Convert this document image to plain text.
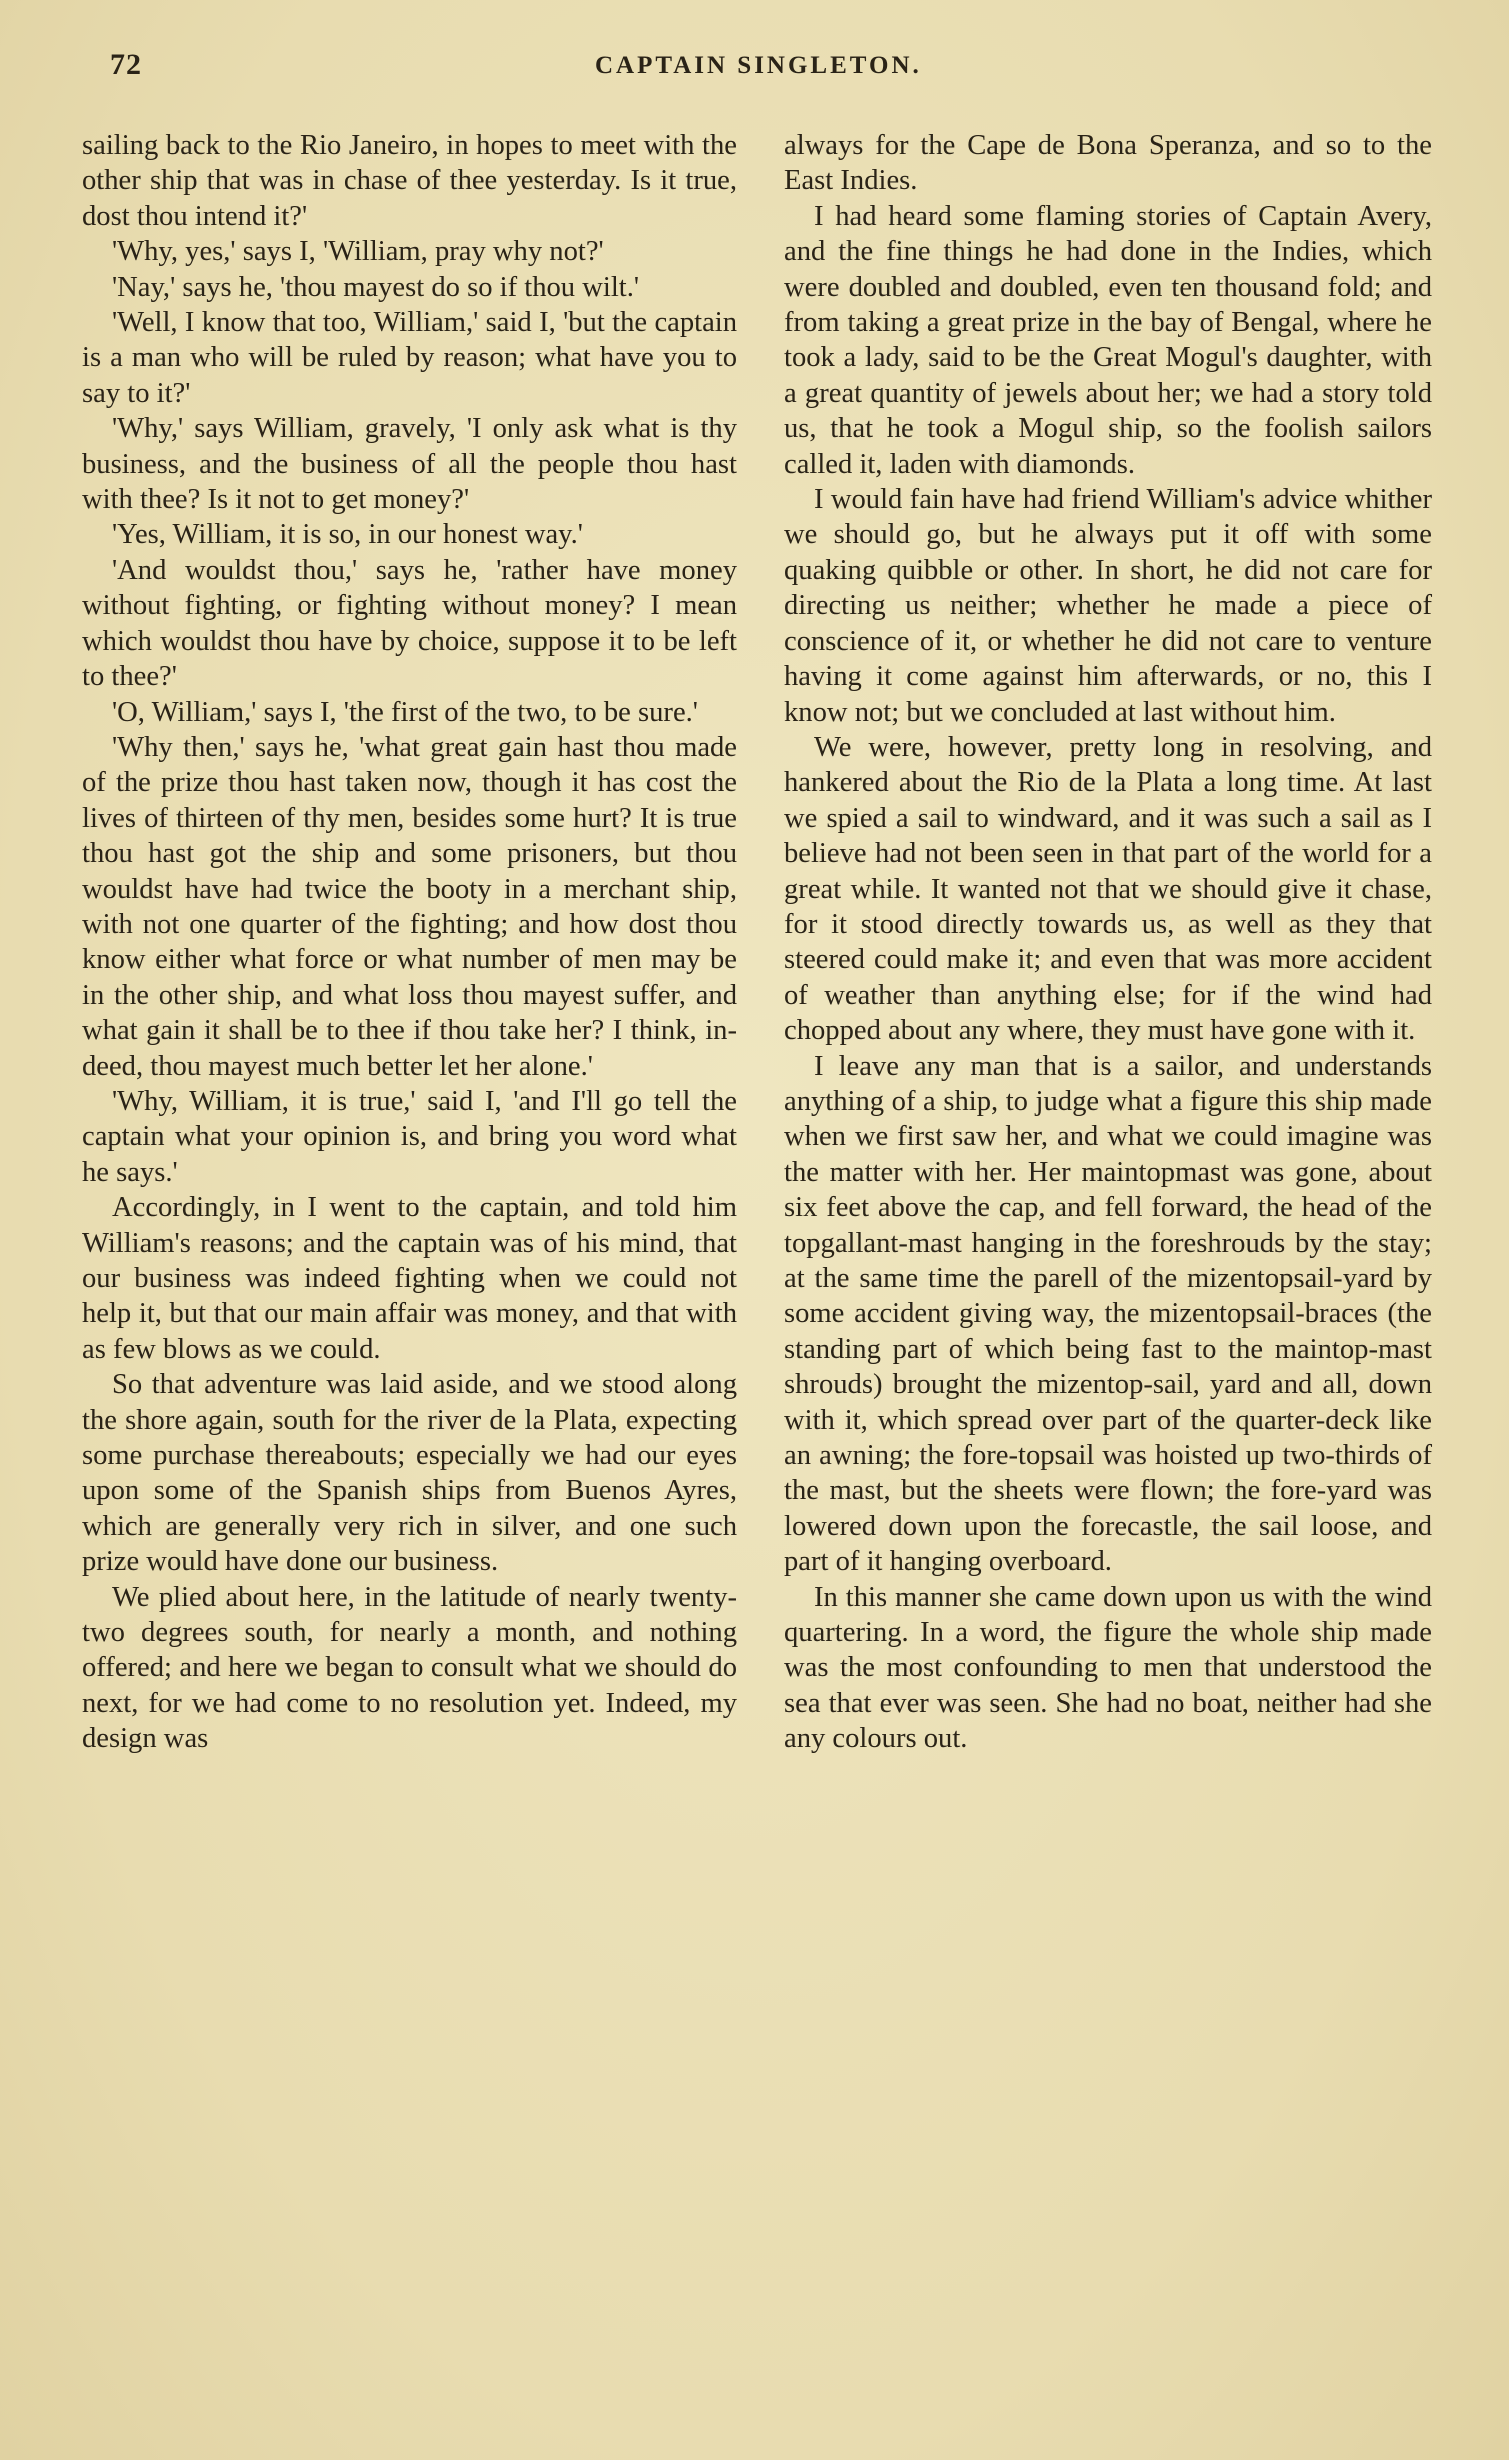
72	CAPTAIN SINGLETON.

sailing back to the Rio Janeiro, in hopes to meet with the other ship that was in chase of thee yesterday. Is it true, dost thou intend it?'

'Why, yes,' says I, 'William, pray why not?'

'Nay,' says he, 'thou mayest do so if thou wilt.'

'Well, I know that too, William,' said I, 'but the captain is a man who will be ruled by reason; what have you to say to it?'

'Why,' says William, gravely, 'I only ask what is thy business, and the business of all the people thou hast with thee? Is it not to get money?'

'Yes, William, it is so, in our honest way.'

'And wouldst thou,' says he, 'rather have money without fighting, or fighting without money? I mean which wouldst thou have by choice, suppose it to be left to thee?'

'O, William,' says I, 'the first of the two, to be sure.'

'Why then,' says he, 'what great gain hast thou made of the prize thou hast taken now, though it has cost the lives of thirteen of thy men, besides some hurt? It is true thou hast got the ship and some prisoners, but thou wouldst have had twice the booty in a merchant ship, with not one quarter of the fighting; and how dost thou know either what force or what number of men may be in the other ship, and what loss thou mayest suffer, and what gain it shall be to thee if thou take her? I think, indeed, thou mayest much better let her alone.'

'Why, William, it is true,' said I, 'and I'll go tell the captain what your opinion is, and bring you word what he says.'

Accordingly, in I went to the captain, and told him William's reasons; and the captain was of his mind, that our business was indeed fighting when we could not help it, but that our main affair was money, and that with as few blows as we could.

So that adventure was laid aside, and we stood along the shore again, south for the river de la Plata, expecting some purchase thereabouts; especially we had our eyes upon some of the Spanish ships from Buenos Ayres, which are generally very rich in silver, and one such prize would have done our business.

We plied about here, in the latitude of nearly twenty-two degrees south, for nearly a month, and nothing offered; and here we began to consult what we should do next, for we had come to no resolution yet. Indeed, my design was

always for the Cape de Bona Speranza, and so to the East Indies.

I had heard some flaming stories of Captain Avery, and the fine things he had done in the Indies, which were doubled and doubled, even ten thousand fold; and from taking a great prize in the bay of Bengal, where he took a lady, said to be the Great Mogul's daughter, with a great quantity of jewels about her; we had a story told us, that he took a Mogul ship, so the foolish sailors called it, laden with diamonds.

I would fain have had friend William's advice whither we should go, but he always put it off with some quaking quibble or other. In short, he did not care for directing us neither; whether he made a piece of conscience of it, or whether he did not care to venture having it come against him afterwards, or no, this I know not; but we concluded at last without him.

We were, however, pretty long in resolving, and hankered about the Rio de la Plata a long time. At last we spied a sail to windward, and it was such a sail as I believe had not been seen in that part of the world for a great while. It wanted not that we should give it chase, for it stood directly towards us, as well as they that steered could make it; and even that was more accident of weather than anything else; for if the wind had chopped about any where, they must have gone with it.

I leave any man that is a sailor, and understands anything of a ship, to judge what a figure this ship made when we first saw her, and what we could imagine was the matter with her. Her maintopmast was gone, about six feet above the cap, and fell forward, the head of the topgallant-mast hanging in the foreshrouds by the stay; at the same time the parell of the mizentopsail-yard by some accident giving way, the mizentopsail-braces (the standing part of which being fast to the maintop-mast shrouds) brought the mizentop-sail, yard and all, down with it, which spread over part of the quarter-deck like an awning; the fore-topsail was hoisted up two-thirds of the mast, but the sheets were flown; the fore-yard was lowered down upon the forecastle, the sail loose, and part of it hanging overboard.

In this manner she came down upon us with the wind quartering. In a word, the figure the whole ship made was the most confounding to men that understood the sea that ever was seen. She had no boat, neither had she any colours out.
